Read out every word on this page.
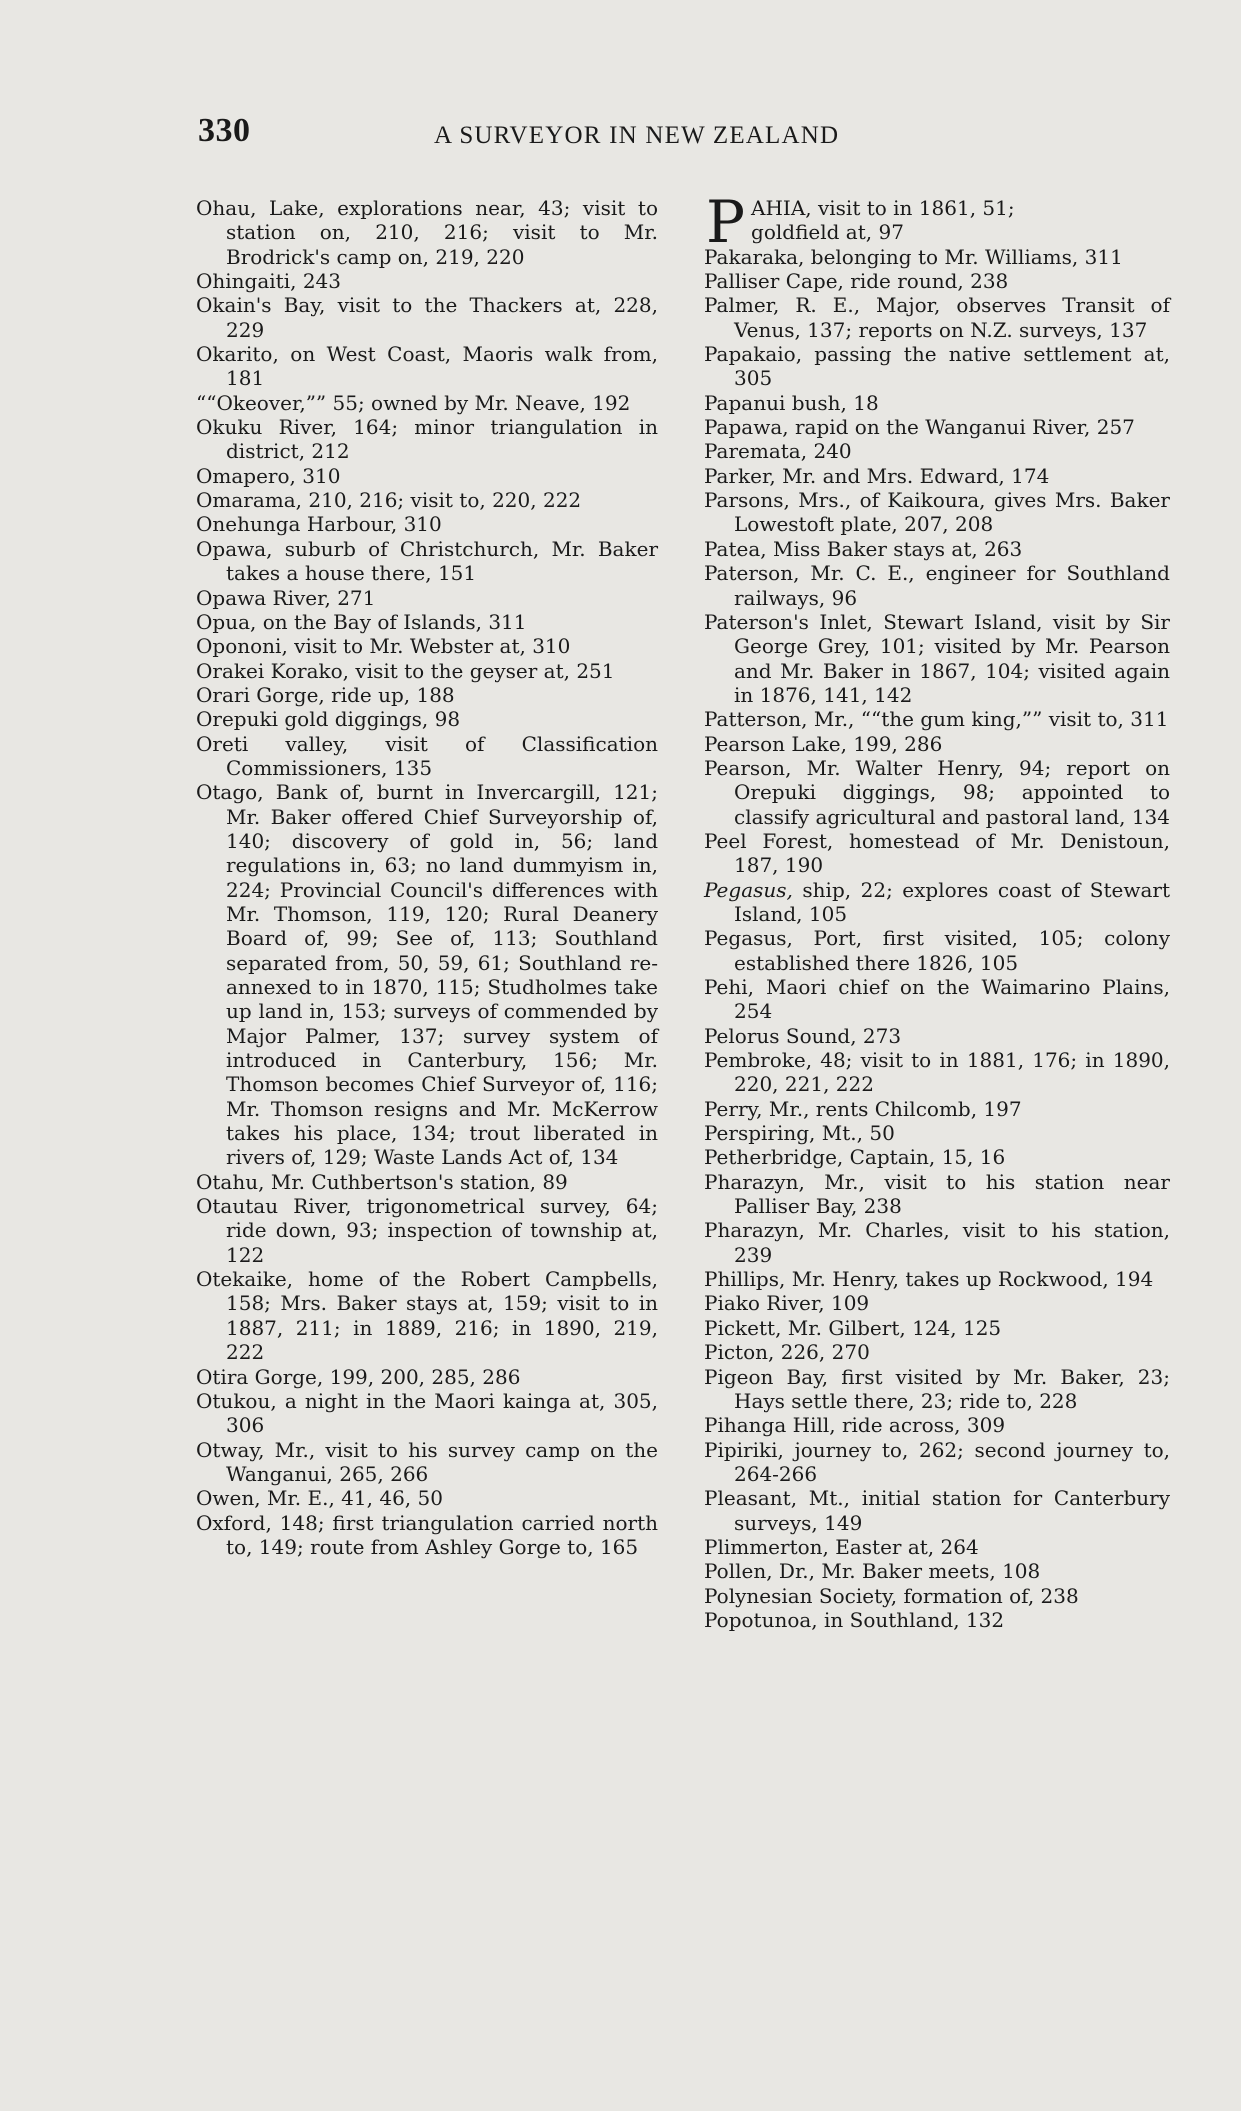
330	A SURVEYOR IN NEW ZEALAND

Ohau, Lake, explorations near, 43; visit to station on, 210, 216; visit to Mr. Brodrick's camp on, 219, 220

Ohingaiti, 243

Okain's Bay, visit to the Thackers at, 228, 229

Okarito, on West Coast, Maoris walk from, 181

““Okeover,”” 55; owned by Mr. Neave, 192

Okuku River, 164; minor triangulation in district, 212

Omapero, 310

Omarama, 210, 216; visit to, 220, 222

Onehunga Harbour, 310

Opawa, suburb of Christchurch, Mr. Baker takes a house there, 151

Opawa River, 271

Opua, on the Bay of Islands, 311

Opononi, visit to Mr. Webster at, 310

Orakei Korako, visit to the geyser at, 251

Orari Gorge, ride up, 188

Orepuki gold diggings, 98

Oreti valley, visit of Classification Commissioners, 135

Otago, Bank of, burnt in Invercargill, 121; Mr. Baker offered Chief Surveyorship of, 140; discovery of gold in, 56; land regulations in, 63; no land dummyism in, 224; Provincial Council's differences with Mr. Thomson, 119, 120; Rural Deanery Board of, 99; See of, 113; Southland separated from, 50, 59, 61; Southland re-annexed to in 1870, 115; Studholmes take up land in, 153; surveys of commended by Major Palmer, 137; survey system of introduced in Canterbury, 156; Mr. Thomson becomes Chief Surveyor of, 116; Mr. Thomson resigns and Mr. McKerrow takes his place, 134; trout liberated in rivers of, 129; Waste Lands Act of, 134

Otahu, Mr. Cuthbertson's station, 89

Otautau River, trigonometrical survey, 64; ride down, 93; inspection of township at, 122

Otekaike, home of the Robert Campbells, 158; Mrs. Baker stays at, 159; visit to in 1887, 211; in 1889, 216; in 1890, 219, 222

Otira Gorge, 199, 200, 285, 286

Otukou, a night in the Maori kainga at, 305, 306

Otway, Mr., visit to his survey camp on the Wanganui, 265, 266

Owen, Mr. E., 41, 46, 50

Oxford, 148; first triangulation carried north to, 149; route from Ashley Gorge to, 165

PAHIA, visit to in 1861, 51;
goldfield at, 97

Pakaraka, belonging to Mr. Williams, 311

Palliser Cape, ride round, 238

Palmer, R. E., Major, observes Transit of Venus, 137; reports on N.Z. surveys, 137

Papakaio, passing the native settlement at, 305

Papanui bush, 18

Papawa, rapid on the Wanganui River, 257

Paremata, 240

Parker, Mr. and Mrs. Edward, 174

Parsons, Mrs., of Kaikoura, gives Mrs. Baker Lowestoft plate, 207, 208

Patea, Miss Baker stays at, 263

Paterson, Mr. C. E., engineer for Southland railways, 96

Paterson's Inlet, Stewart Island, visit by Sir George Grey, 101; visited by Mr. Pearson and Mr. Baker in 1867, 104; visited again in 1876, 141, 142

Patterson, Mr., ““the gum king,”” visit to, 311

Pearson Lake, 199, 286

Pearson, Mr. Walter Henry, 94; report on Orepuki diggings, 98; appointed to classify agricultural and pastoral land, 134

Peel Forest, homestead of Mr. Denistoun, 187, 190

Pegasus, ship, 22; explores coast of Stewart Island, 105

Pegasus, Port, first visited, 105; colony established there 1826, 105

Pehi, Maori chief on the Waimarino Plains, 254

Pelorus Sound, 273

Pembroke, 48; visit to in 1881, 176; in 1890, 220, 221, 222

Perry, Mr., rents Chilcomb, 197

Perspiring, Mt., 50

Petherbridge, Captain, 15, 16

Pharazyn, Mr., visit to his station near Palliser Bay, 238

Pharazyn, Mr. Charles, visit to his station, 239

Phillips, Mr. Henry, takes up Rockwood, 194

Piako River, 109

Pickett, Mr. Gilbert, 124, 125

Picton, 226, 270

Pigeon Bay, first visited by Mr. Baker, 23; Hays settle there, 23; ride to, 228

Pihanga Hill, ride across, 309

Pipiriki, journey to, 262; second journey to, 264-266

Pleasant, Mt., initial station for Canterbury surveys, 149

Plimmerton, Easter at, 264

Pollen, Dr., Mr. Baker meets, 108

Polynesian Society, formation of, 238

Popotunoa, in Southland, 132
